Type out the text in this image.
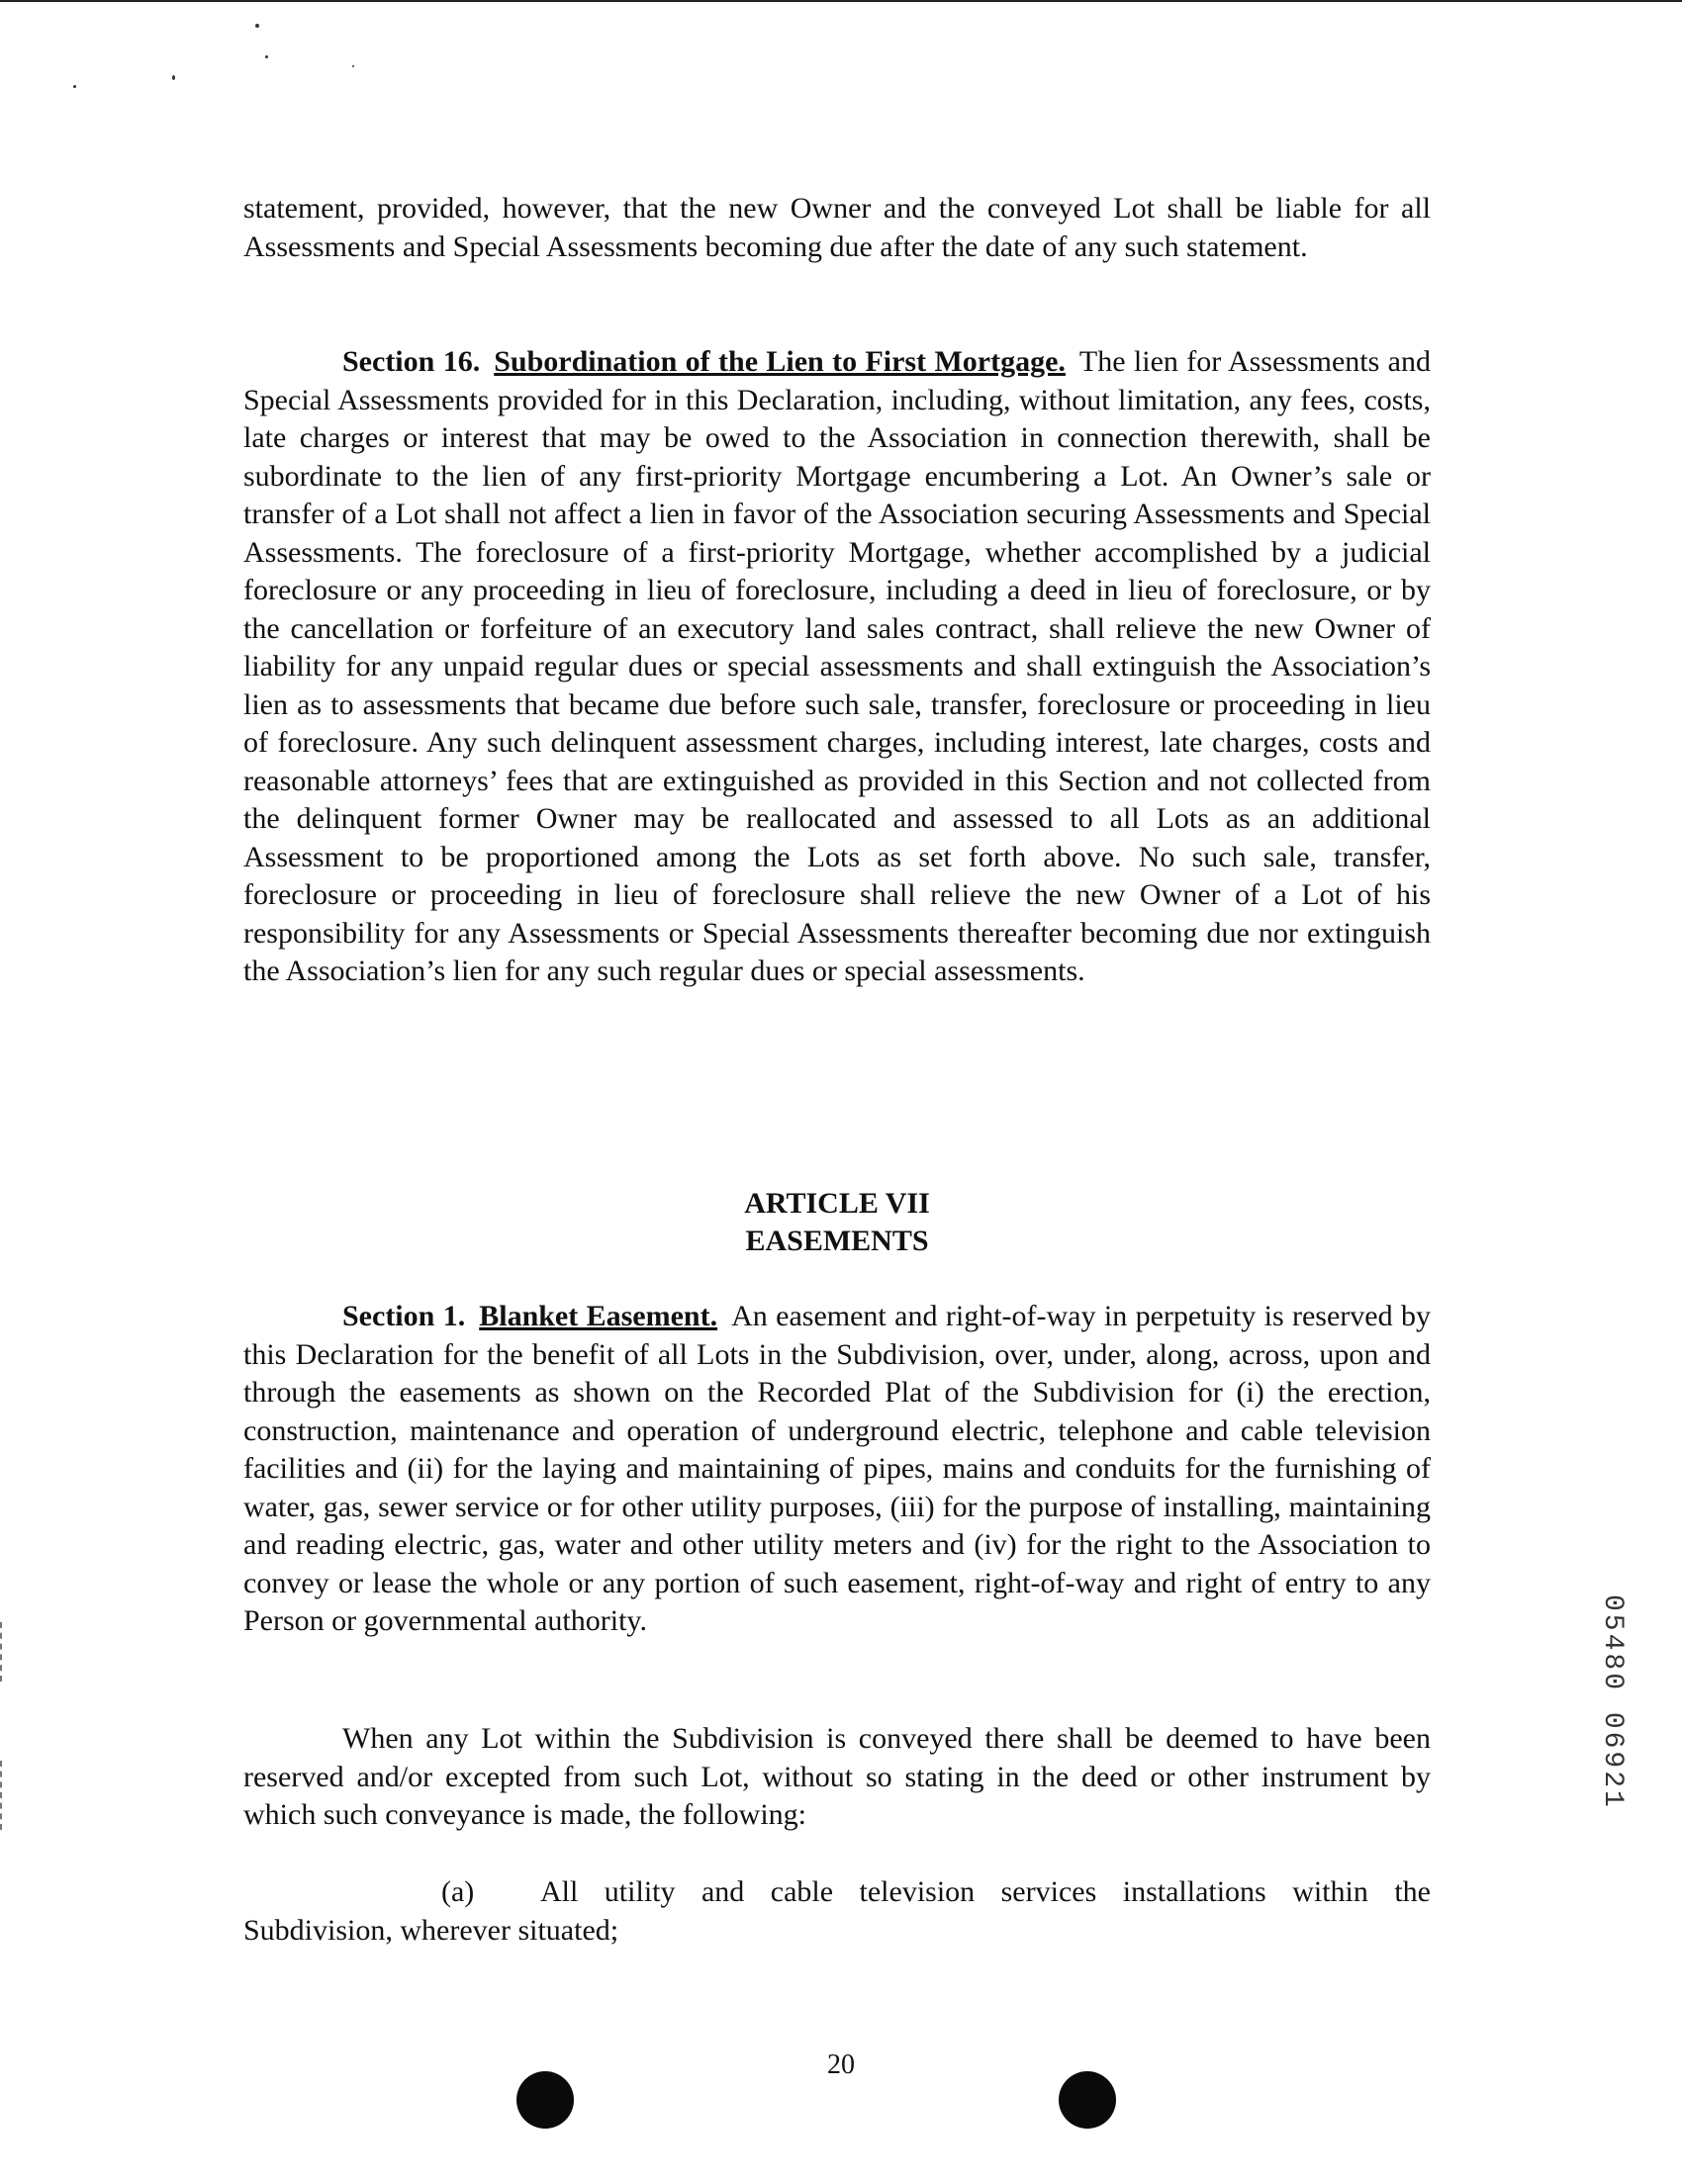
statement, provided, however, that the new Owner and the conveyed Lot shall be liable for all Assessments and Special Assessments becoming due after the date of any such statement.

Section 16. Subordination of the Lien to First Mortgage. The lien for Assessments and Special Assessments provided for in this Declaration, including, without limitation, any fees, costs, late charges or interest that may be owed to the Association in connection therewith, shall be subordinate to the lien of any first-priority Mortgage encumbering a Lot. An Owner’s sale or transfer of a Lot shall not affect a lien in favor of the Association securing Assessments and Special Assessments. The foreclosure of a first-priority Mortgage, whether accomplished by a judicial foreclosure or any proceeding in lieu of foreclosure, including a deed in lieu of foreclosure, or by the cancellation or forfeiture of an executory land sales contract, shall relieve the new Owner of liability for any unpaid regular dues or special assessments and shall extinguish the Association’s lien as to assessments that became due before such sale, transfer, foreclosure or proceeding in lieu of foreclosure. Any such delinquent assessment charges, including interest, late charges, costs and reasonable attorneys’ fees that are extinguished as provided in this Section and not collected from the delinquent former Owner may be reallocated and assessed to all Lots as an additional Assessment to be proportioned among the Lots as set forth above. No such sale, transfer, foreclosure or proceeding in lieu of foreclosure shall relieve the new Owner of a Lot of his responsibility for any Assessments or Special Assessments thereafter becoming due nor extinguish the Association’s lien for any such regular dues or special assessments.

ARTICLE VII
EASEMENTS

Section 1. Blanket Easement. An easement and right-of-way in perpetuity is reserved by this Declaration for the benefit of all Lots in the Subdivision, over, under, along, across, upon and through the easements as shown on the Recorded Plat of the Subdivision for (i) the erection, construction, maintenance and operation of underground electric, telephone and cable television facilities and (ii) for the laying and maintaining of pipes, mains and conduits for the furnishing of water, gas, sewer service or for other utility purposes, (iii) for the purpose of installing, maintaining and reading electric, gas, water and other utility meters and (iv) for the right to the Association to convey or lease the whole or any portion of such easement, right-of-way and right of entry to any Person or governmental authority.

When any Lot within the Subdivision is conveyed there shall be deemed to have been reserved and/or excepted from such Lot, without so stating in the deed or other instrument by which such conveyance is made, the following:

(a) All utility and cable television services installations within the Subdivision, wherever situated;

20
05480 06921
